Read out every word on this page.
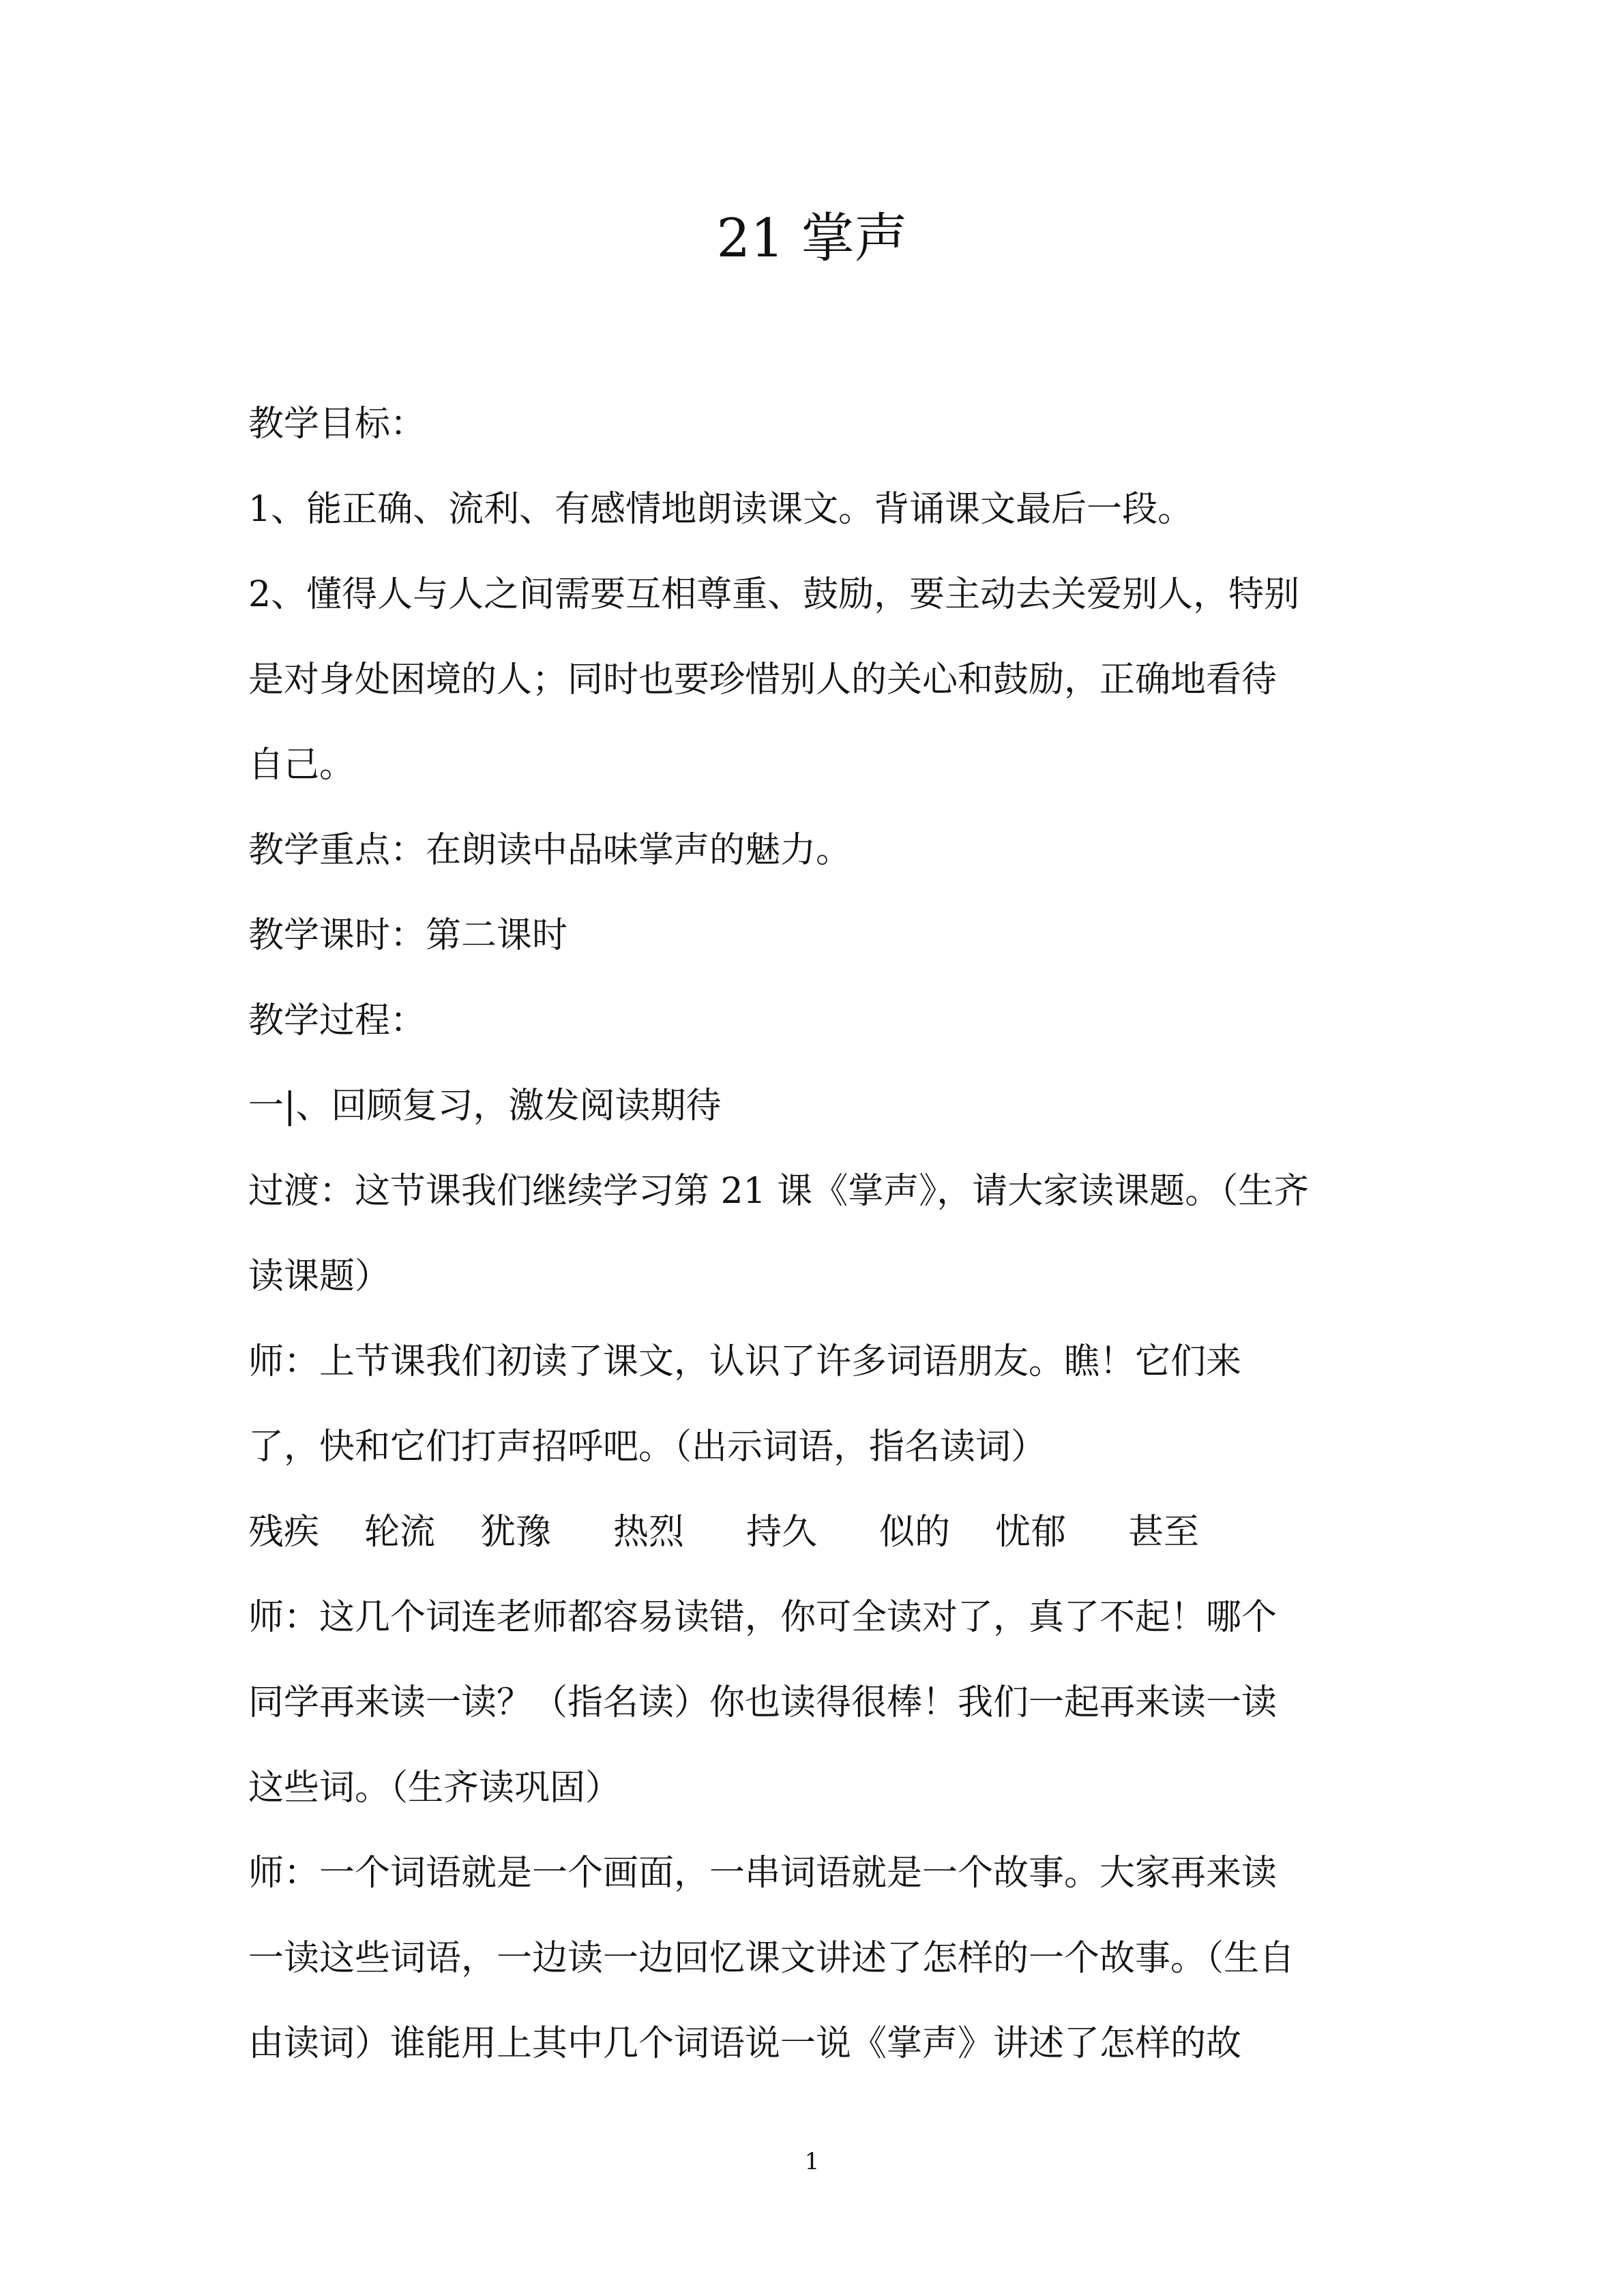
21 掌声
教学目标：
1、能正确、流利、有感情地朗读课文。背诵课文最后一段。
2、懂得人与人之间需要互相尊重、鼓励，要主动去关爱别人，特别
是对身处困境的人；同时也要珍惜别人的关心和鼓励，正确地看待
自己。
教学重点：在朗读中品味掌声的魅力。
教学课时：第二课时
教学过程：
一|、回顾复习，激发阅读期待
过渡：这节课我们继续学习第 21 课《掌声》，请大家读课题。（生齐
读课题）
师：上节课我们初读了课文，认识了许多词语朋友。瞧！它们来
了，快和它们打声招呼吧。（出示词语，指名读词）
残疾	轮流	犹豫	热烈	持久	似的	忧郁	甚至
师：这几个词连老师都容易读错，你可全读对了，真了不起！哪个
同学再来读一读？（指名读）你也读得很棒！我们一起再来读一读
这些词。（生齐读巩固）
师：一个词语就是一个画面，一串词语就是一个故事。大家再来读
一读这些词语，一边读一边回忆课文讲述了怎样的一个故事。（生自
由读词）谁能用上其中几个词语说一说《掌声》讲述了怎样的故
1
